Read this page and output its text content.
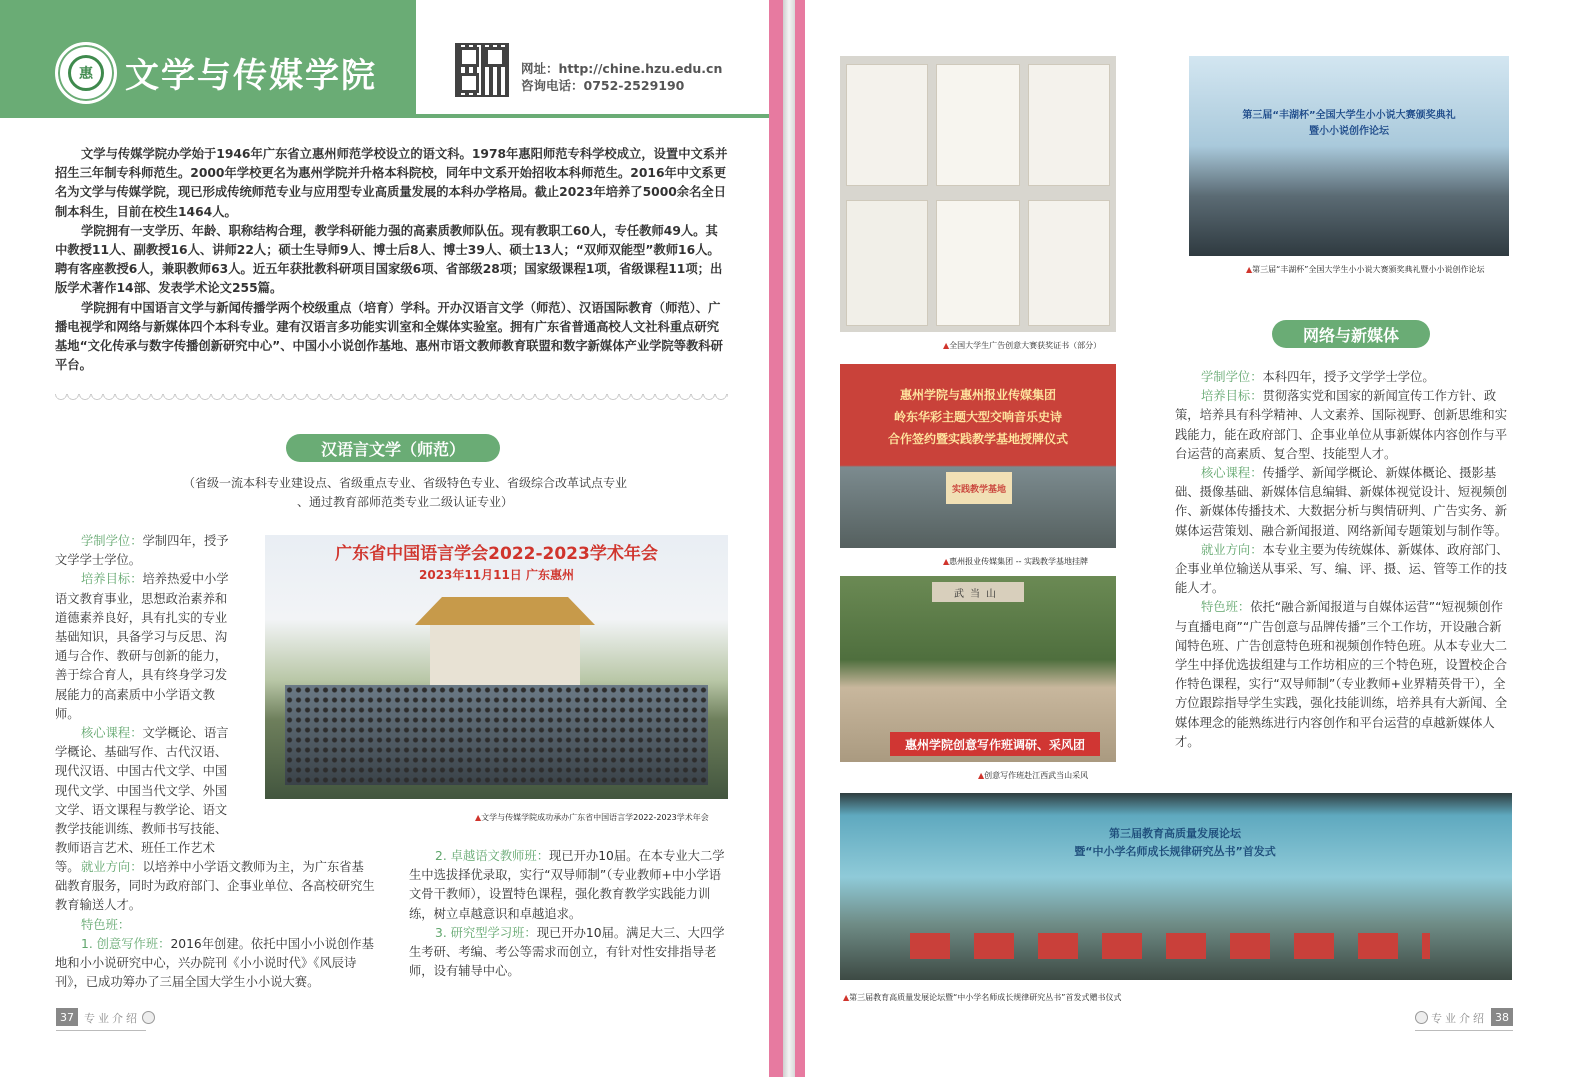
惠 文学与传媒学院	网址：http://chine.hzu.edu.cn
咨询电话：0752-2529190

文学与传媒学院办学始于1946年广东省立惠州师范学校设立的语文科。1978年惠阳师范专科学校成立，设置中文系并招生三年制专科师范生。2000年学校更名为惠州学院并升格本科院校，同年中文系开始招收本科师范生。2016年中文系更名为文学与传媒学院，现已形成传统师范专业与应用型专业高质量发展的本科办学格局。截止2023年培养了5000余名全日制本科生，目前在校生1464人。

学院拥有一支学历、年龄、职称结构合理，教学科研能力强的高素质教师队伍。现有教职工60人，专任教师49人。其中教授11人、副教授16人、讲师22人；硕士生导师9人、博士后8人、博士39人、硕士13人；“双师双能型”教师16人。聘有客座教授6人，兼职教师63人。近五年获批教科研项目国家级6项、省部级28项；国家级课程1项，省级课程11项；出版学术著作14部、发表学术论文255篇。

学院拥有中国语言文学与新闻传播学两个校级重点（培育）学科。开办汉语言文学（师范）、汉语国际教育（师范）、广播电视学和网络与新媒体四个本科专业。建有汉语言多功能实训室和全媒体实验室。拥有广东省普通高校人文社科重点研究基地“文化传承与数字传播创新研究中心”、中国小小说创作基地、惠州市语文教师教育联盟和数字新媒体产业学院等教科研平台。

汉语言文学（师范）
（省级一流本科专业建设点、省级重点专业、省级特色专业、省级综合改革试点专业
、通过教育部师范类专业二级认证专业）

学制学位：学制四年，授予文学学士学位。

培养目标：培养热爱中小学语文教育事业，思想政治素养和道德素养良好，具有扎实的专业基础知识，具备学习与反思、沟通与合作、教研与创新的能力，善于综合育人，具有终身学习发展能力的高素质中小学语文教师。

核心课程：文学概论、语言学概论、基础写作、古代汉语、现代汉语、中国古代文学、中国现代文学、中国当代文学、外国文学、语文课程与教学论、语文教学技能训练、教师书写技能、教师语言艺术、班任工作艺术等。

广东省中国语言学会2022-2023学术年会
2023年11月11日 广东惠州
▲文学与传媒学院成功承办广东省中国语言学2022-2023学术年会

就业方向：以培养中小学语文教师为主，为广东省基础教育服务，同时为政府部门、企事业单位、各高校研究生教育输送人才。

特色班：

1. 创意写作班：2016年创建。依托中国小小说创作基地和小小说研究中心，兴办院刊《小小说时代》《风辰诗刊》，已成功筹办了三届全国大学生小小说大赛。

2. 卓越语文教师班：现已开办10届。在本专业大二学生中选拔择优录取，实行“双导师制”（专业教师+中小学语文骨干教师），设置特色课程，强化教育教学实践能力训练，树立卓越意识和卓越追求。

3. 研究型学习班：现已开办10届。满足大三、大四学生考研、考编、考公等需求而创立，有针对性安排指导老师，设有辅导中心。

37 专业介绍
▲全国大学生广告创意大赛获奖证书（部分）
惠州学院与惠州报业传媒集团
岭东华彩主题大型交响音乐史诗
合作签约暨实践教学基地授牌仪式
实践教学基地
▲惠州报业传媒集团 -- 实践教学基地挂牌
武当山
惠州学院创意写作班调研、采风团
▲创意写作班赴江西武当山采风
第三届“丰湖杯”全国大学生小小说大赛颁奖典礼
暨小小说创作论坛
▲第三届“丰湖杯”全国大学生小小说大赛颁奖典礼暨小小说创作论坛
网络与新媒体

学制学位：本科四年，授予文学学士学位。

培养目标：贯彻落实党和国家的新闻宣传工作方针、政策，培养具有科学精神、人文素养、国际视野、创新思维和实践能力，能在政府部门、企事业单位从事新媒体内容创作与平台运营的高素质、复合型、技能型人才。

核心课程：传播学、新闻学概论、新媒体概论、摄影基础、摄像基础、新媒体信息编辑、新媒体视觉设计、短视频创作、新媒体传播技术、大数据分析与舆情研判、广告实务、新媒体运营策划、融合新闻报道、网络新闻专题策划与制作等。

就业方向：本专业主要为传统媒体、新媒体、政府部门、企事业单位输送从事采、写、编、评、摄、运、管等工作的技能人才。

特色班：依托“融合新闻报道与自媒体运营”“短视频创作与直播电商”“广告创意与品牌传播”三个工作坊，开设融合新闻特色班、广告创意特色班和视频创作特色班。从本专业大二学生中择优选拔组建与工作坊相应的三个特色班，设置校企合作特色课程，实行“双导师制”（专业教师+业界精英骨干），全方位跟踪指导学生实践，强化技能训练，培养具有大新闻、全媒体理念的能熟练进行内容创作和平台运营的卓越新媒体人才。

第三届教育高质量发展论坛
暨“中小学名师成长规律研究丛书”首发式
▲第三届教育高质量发展论坛暨“中小学名师成长规律研究丛书”首发式赠书仪式
专业介绍 38
